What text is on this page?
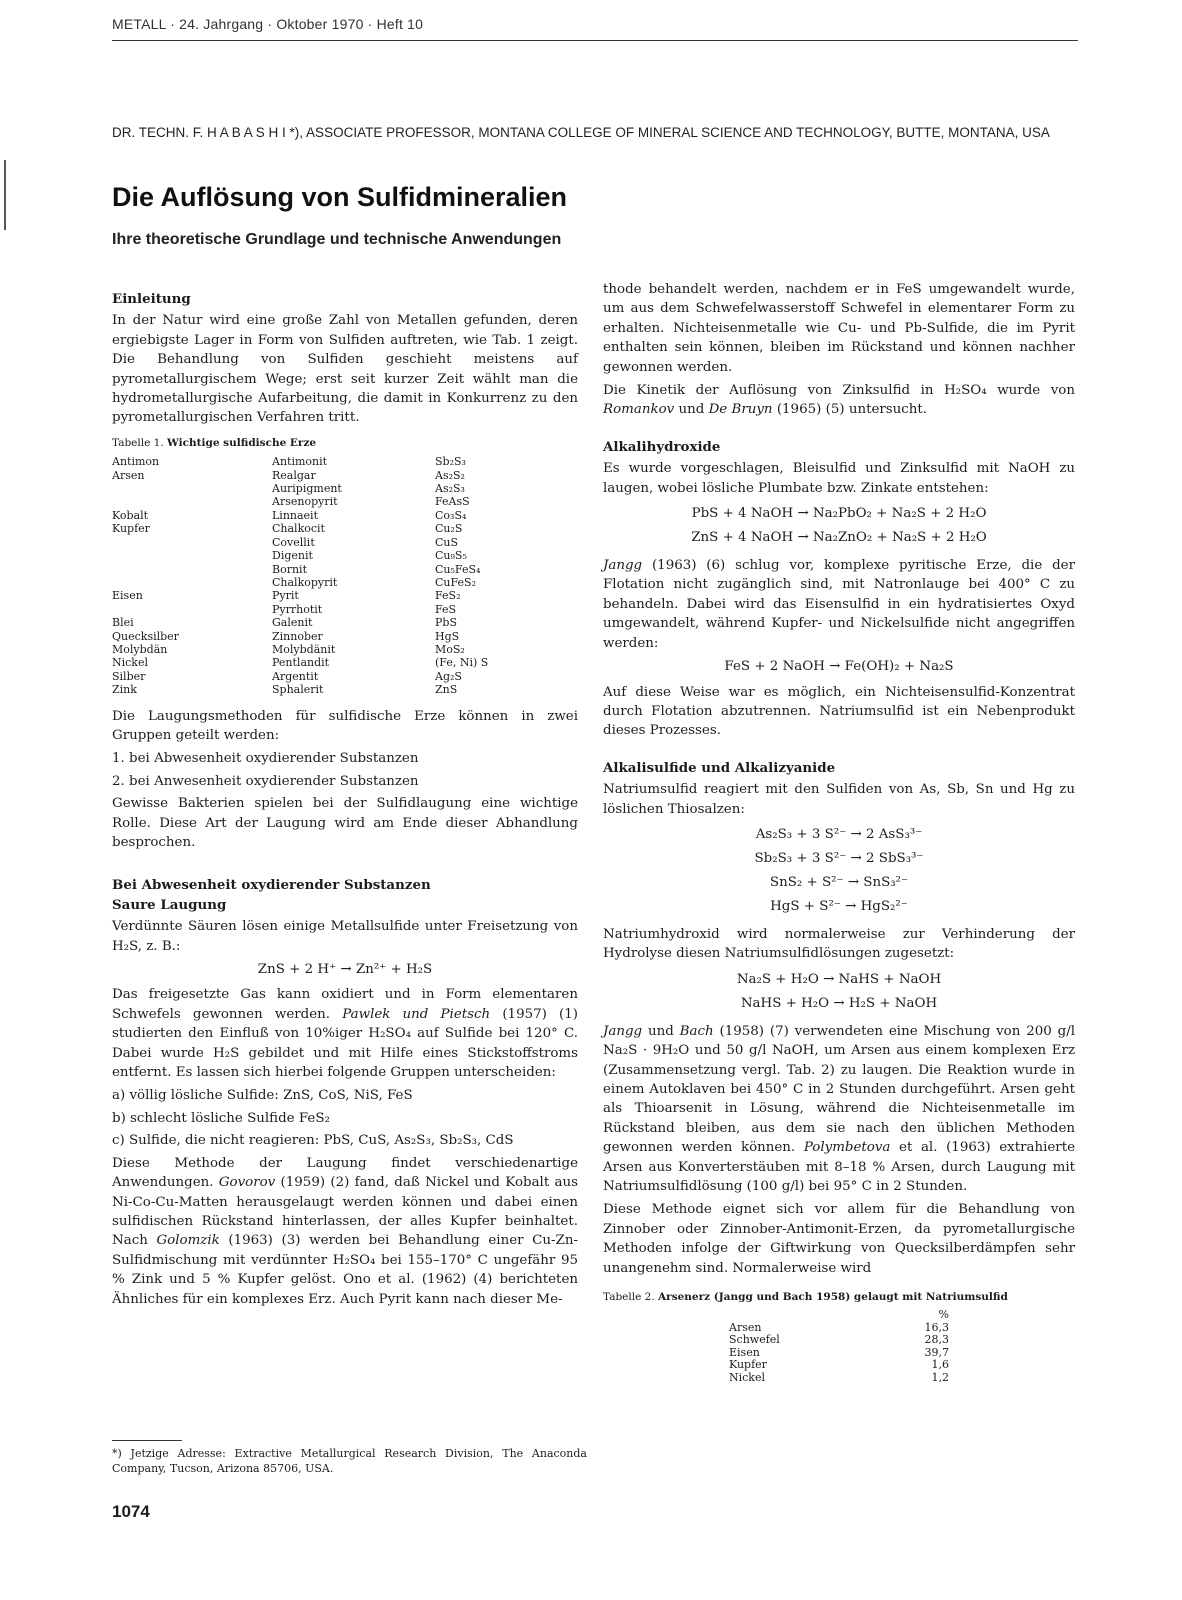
METALL · 24. Jahrgang · Oktober 1970 · Heft 10
DR. TECHN. F. H A B A S H I *), ASSOCIATE PROFESSOR, MONTANA COLLEGE OF MINERAL SCIENCE AND TECHNOLOGY, BUTTE, MONTANA, USA
Die Auflösung von Sulfidmineralien
Ihre theoretische Grundlage und technische Anwendungen
Einleitung

In der Natur wird eine große Zahl von Metallen gefunden, deren ergiebigste Lager in Form von Sulfiden auftreten, wie Tab. 1 zeigt. Die Behandlung von Sulfiden geschieht meistens auf pyrometallurgischem Wege; erst seit kurzer Zeit wählt man die hydrometallurgische Aufarbeitung, die damit in Konkurrenz zu den pyrometallurgischen Verfahren tritt.

Tabelle 1. Wichtige sulfidische Erze
Antimon	Antimonit	Sb₂S₃
Arsen	Realgar	As₂S₂
	Auripigment	As₂S₃
	Arsenopyrit	FeAsS
Kobalt	Linnaeit	Co₃S₄
Kupfer	Chalkocit	Cu₂S
	Covellit	CuS
	Digenit	Cu₉S₅
	Bornit	Cu₅FeS₄
	Chalkopyrit	CuFeS₂
Eisen	Pyrit	FeS₂
	Pyrrhotit	FeS
Blei	Galenit	PbS
Quecksilber	Zinnober	HgS
Molybdän	Molybdänit	MoS₂
Nickel	Pentlandit	(Fe, Ni) S
Silber	Argentit	Ag₂S
Zink	Sphalerit	ZnS

Die Laugungsmethoden für sulfidische Erze können in zwei Gruppen geteilt werden:

1. bei Abwesenheit oxydierender Substanzen

2. bei Anwesenheit oxydierender Substanzen

Gewisse Bakterien spielen bei der Sulfidlaugung eine wichtige Rolle. Diese Art der Laugung wird am Ende dieser Abhandlung besprochen.

Bei Abwesenheit oxydierender Substanzen
Saure Laugung

Verdünnte Säuren lösen einige Metallsulfide unter Freisetzung von H₂S, z. B.:

ZnS + 2 H⁺ → Zn²⁺ + H₂S

Das freigesetzte Gas kann oxidiert und in Form elementaren Schwefels gewonnen werden. Pawlek und Pietsch (1957) (1) studierten den Einfluß von 10%iger H₂SO₄ auf Sulfide bei 120° C. Dabei wurde H₂S gebildet und mit Hilfe eines Stickstoffstroms entfernt. Es lassen sich hierbei folgende Gruppen unterscheiden:

a) völlig lösliche Sulfide: ZnS, CoS, NiS, FeS

b) schlecht lösliche Sulfide FeS₂

c) Sulfide, die nicht reagieren: PbS, CuS, As₂S₃, Sb₂S₃, CdS

Diese Methode der Laugung findet verschiedenartige Anwendungen. Govorov (1959) (2) fand, daß Nickel und Kobalt aus Ni-Co-Cu-Matten herausgelaugt werden können und dabei einen sulfidischen Rückstand hinterlassen, der alles Kupfer beinhaltet. Nach Golomzik (1963) (3) werden bei Behandlung einer Cu-Zn-Sulfidmischung mit verdünnter H₂SO₄ bei 155–170° C ungefähr 95 % Zink und 5 % Kupfer gelöst. Ono et al. (1962) (4) berichteten Ähnliches für ein komplexes Erz. Auch Pyrit kann nach dieser Me-

thode behandelt werden, nachdem er in FeS umgewandelt wurde, um aus dem Schwefelwasserstoff Schwefel in elementarer Form zu erhalten. Nichteisenmetalle wie Cu- und Pb-Sulfide, die im Pyrit enthalten sein können, bleiben im Rückstand und können nachher gewonnen werden.

Die Kinetik der Auflösung von Zinksulfid in H₂SO₄ wurde von Romankov und De Bruyn (1965) (5) untersucht.

Alkalihydroxide

Es wurde vorgeschlagen, Bleisulfid und Zinksulfid mit NaOH zu laugen, wobei lösliche Plumbate bzw. Zinkate entstehen:

PbS + 4 NaOH → Na₂PbO₂ + Na₂S + 2 H₂O
ZnS + 4 NaOH → Na₂ZnO₂ + Na₂S + 2 H₂O

Jangg (1963) (6) schlug vor, komplexe pyritische Erze, die der Flotation nicht zugänglich sind, mit Natronlauge bei 400° C zu behandeln. Dabei wird das Eisensulfid in ein hydratisiertes Oxyd umgewandelt, während Kupfer- und Nickelsulfide nicht angegriffen werden:

FeS + 2 NaOH → Fe(OH)₂ + Na₂S

Auf diese Weise war es möglich, ein Nichteisensulfid-Konzentrat durch Flotation abzutrennen. Natriumsulfid ist ein Nebenprodukt dieses Prozesses.

Alkalisulfide und Alkalizyanide

Natriumsulfid reagiert mit den Sulfiden von As, Sb, Sn und Hg zu löslichen Thiosalzen:

As₂S₃ + 3 S²⁻ → 2 AsS₃³⁻
Sb₂S₃ + 3 S²⁻ → 2 SbS₃³⁻
SnS₂ + S²⁻ → SnS₃²⁻
HgS + S²⁻ → HgS₂²⁻

Natriumhydroxid wird normalerweise zur Verhinderung der Hydrolyse diesen Natriumsulfidlösungen zugesetzt:

Na₂S + H₂O → NaHS + NaOH
NaHS + H₂O → H₂S + NaOH

Jangg und Bach (1958) (7) verwendeten eine Mischung von 200 g/l Na₂S · 9H₂O und 50 g/l NaOH, um Arsen aus einem komplexen Erz (Zusammensetzung vergl. Tab. 2) zu laugen. Die Reaktion wurde in einem Autoklaven bei 450° C in 2 Stunden durchgeführt. Arsen geht als Thioarsenit in Lösung, während die Nichteisenmetalle im Rückstand bleiben, aus dem sie nach den üblichen Methoden gewonnen werden können. Polymbetova et al. (1963) extrahierte Arsen aus Konverterstäuben mit 8–18 % Arsen, durch Laugung mit Natriumsulfidlösung (100 g/l) bei 95° C in 2 Stunden.

Diese Methode eignet sich vor allem für die Behandlung von Zinnober oder Zinnober-Antimonit-Erzen, da pyrometallurgische Methoden infolge der Giftwirkung von Quecksilberdämpfen sehr unangenehm sind. Normalerweise wird

Tabelle 2. Arsenerz (Jangg und Bach 1958) gelaugt mit Natriumsulfid
	%
Arsen	16,3
Schwefel	28,3
Eisen	39,7
Kupfer	1,6
Nickel	1,2
*) Jetzige Adresse: Extractive Metallurgical Research Division, The Anaconda Company, Tucson, Arizona 85706, USA.
1074
